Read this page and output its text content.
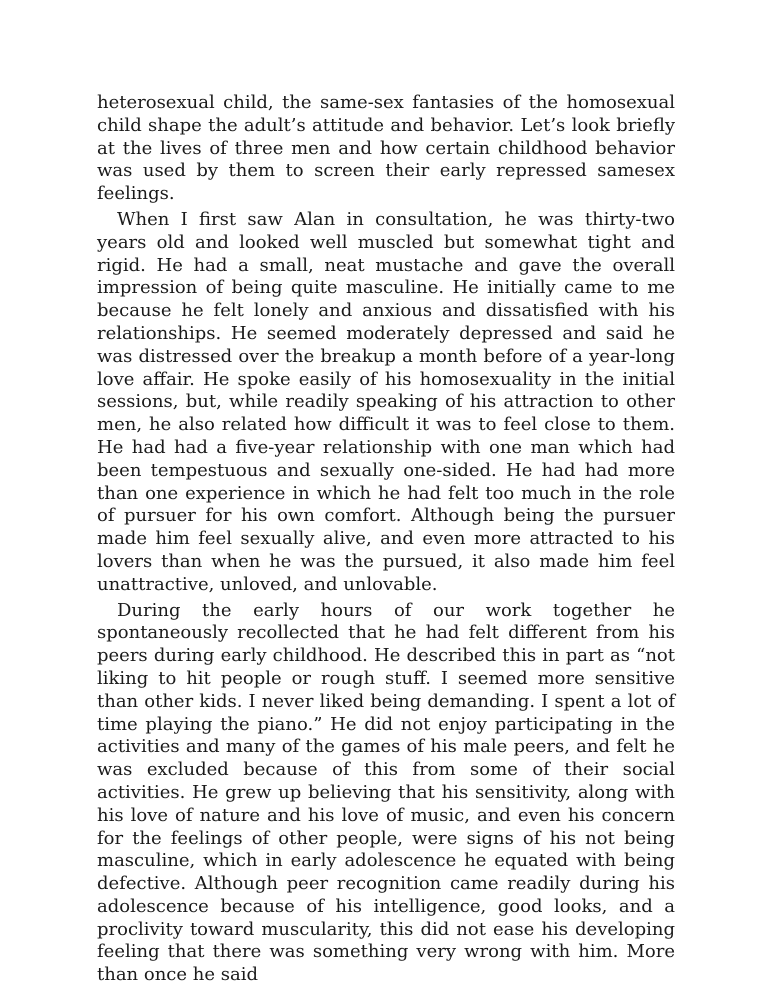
heterosexual child, the same-sex fantasies of the homosexual child shape the adult’s attitude and behavior. Let’s look briefly at the lives of three men and how certain childhood behavior was used by them to screen their early repressed samesex feelings.

When I first saw Alan in consultation, he was thirty-two years old and looked well muscled but somewhat tight and rigid. He had a small, neat mustache and gave the overall impression of being quite masculine. He initially came to me because he felt lonely and anxious and dissatisfied with his relationships. He seemed moderately depressed and said he was distressed over the breakup a month before of a year-long love affair. He spoke easily of his homosexuality in the initial sessions, but, while readily speaking of his attraction to other men, he also related how difficult it was to feel close to them. He had had a five-year relationship with one man which had been tempestuous and sexually one-sided. He had had more than one experience in which he had felt too much in the role of pursuer for his own comfort. Although being the pursuer made him feel sexually alive, and even more attracted to his lovers than when he was the pursued, it also made him feel unattractive, unloved, and unlovable.

During the early hours of our work together he spontaneously recollected that he had felt different from his peers during early childhood. He described this in part as “not liking to hit people or rough stuff. I seemed more sensitive than other kids. I never liked being demanding. I spent a lot of time playing the piano.” He did not enjoy participating in the activities and many of the games of his male peers, and felt he was excluded because of this from some of their social activities. He grew up believing that his sensitivity, along with his love of nature and his love of music, and even his concern for the feelings of other people, were signs of his not being masculine, which in early adolescence he equated with being defective. Although peer recognition came readily during his adolescence because of his intelligence, good looks, and a proclivity toward muscularity, this did not ease his developing feeling that there was something very wrong with him. More than once he said
